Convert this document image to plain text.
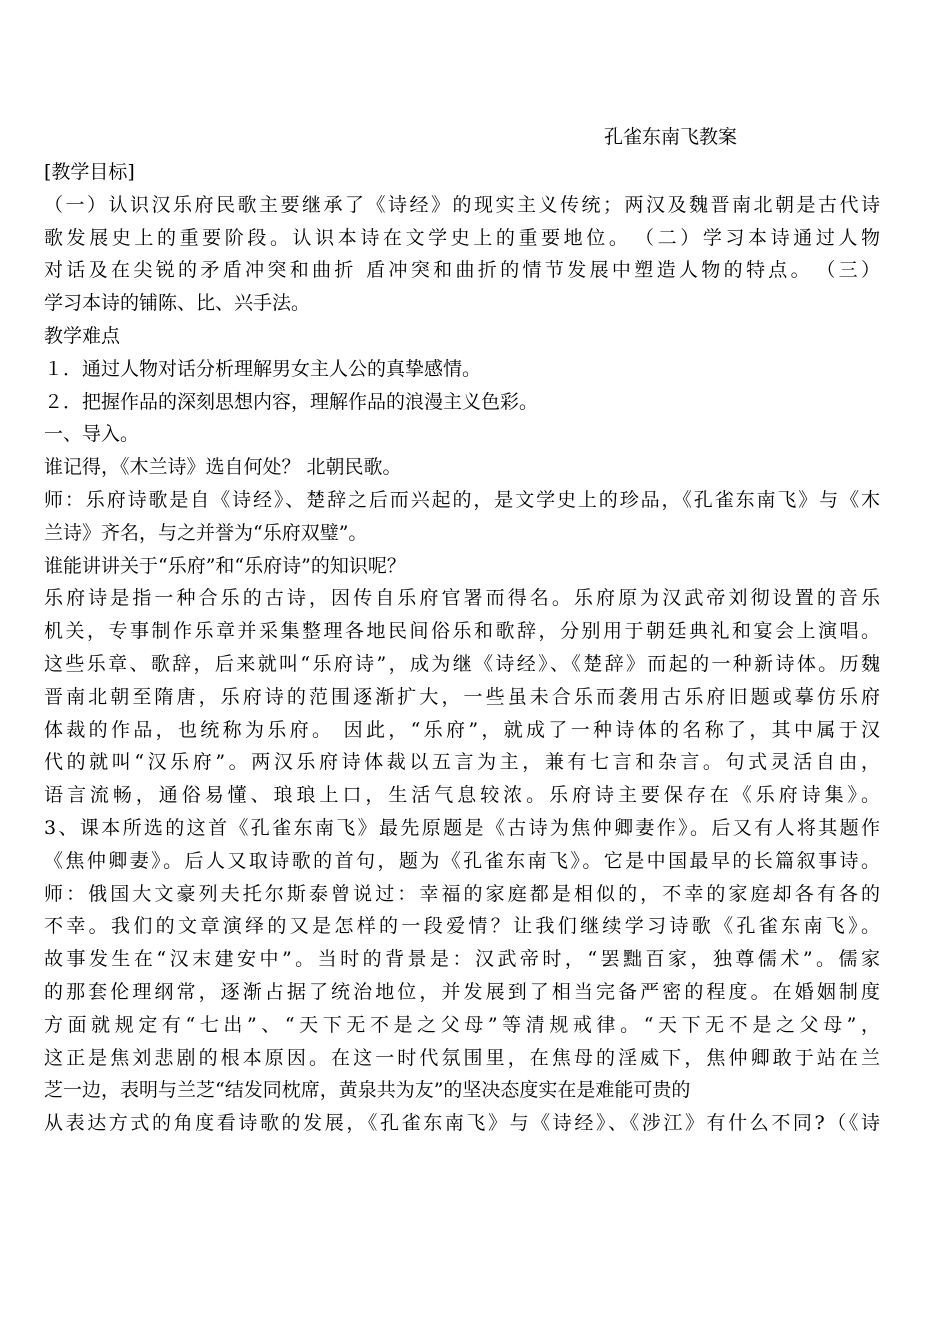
孔雀东南飞教案
[教学目标]
（一）认识汉乐府民歌主要继承了《诗经》的现实主义传统；两汉及魏晋南北朝是古代诗
歌发展史上的重要阶段。认识本诗在文学史上的重要地位。　（二）学习本诗通过人物
对话及在尖锐的矛盾冲突和曲折 盾冲突和曲折的情节发展中塑造人物的特点。　（三）
学习本诗的铺陈、比、兴手法。
教学难点
１．通过人物对话分析理解男女主人公的真挚感情。
２．把握作品的深刻思想内容，理解作品的浪漫主义色彩。
一、导入。
谁记得，《木兰诗》选自何处？ 北朝民歌。
师：乐府诗歌是自《诗经》、楚辞之后而兴起的，是文学史上的珍品，《孔雀东南飞》与《木
兰诗》齐名，与之并誉为“乐府双璧”。
谁能讲讲关于“乐府”和“乐府诗”的知识呢？
乐府诗是指一种合乐的古诗，因传自乐府官署而得名。乐府原为汉武帝刘彻设置的音乐
机关，专事制作乐章并采集整理各地民间俗乐和歌辞，分别用于朝廷典礼和宴会上演唱。
这些乐章、歌辞，后来就叫“乐府诗”，成为继《诗经》、《楚辞》而起的一种新诗体。历魏
晋南北朝至隋唐，乐府诗的范围逐渐扩大，一些虽未合乐而袭用古乐府旧题或摹仿乐府
体裁的作品，也统称为乐府。 因此，“乐府”，就成了一种诗体的名称了，其中属于汉
代的就叫“汉乐府”。两汉乐府诗体裁以五言为主，兼有七言和杂言。句式灵活自由，
语言流畅，通俗易懂、琅琅上口，生活气息较浓。乐府诗主要保存在《乐府诗集》。
3、课本所选的这首《孔雀东南飞》最先原题是《古诗为焦仲卿妻作》。后又有人将其题作
《焦仲卿妻》。后人又取诗歌的首句，题为《孔雀东南飞》。它是中国最早的长篇叙事诗。
师：俄国大文豪列夫托尔斯泰曾说过：幸福的家庭都是相似的，不幸的家庭却各有各的
不幸。我们的文章演绎的又是怎样的一段爱情？让我们继续学习诗歌《孔雀东南飞》。
故事发生在“汉末建安中”。当时的背景是：汉武帝时，“罢黜百家，独尊儒术”。儒家
的那套伦理纲常，逐渐占据了统治地位，并发展到了相当完备严密的程度。在婚姻制度
方面就规定有“七出”、“天下无不是之父母”等清规戒律。“天下无不是之父母”，
这正是焦刘悲剧的根本原因。在这一时代氛围里，在焦母的淫威下，焦仲卿敢于站在兰
芝一边，表明与兰芝“结发同枕席，黄泉共为友”的坚决态度实在是难能可贵的
从表达方式的角度看诗歌的发展，《孔雀东南飞》与《诗经》、《涉江》有什么不同?（《诗
